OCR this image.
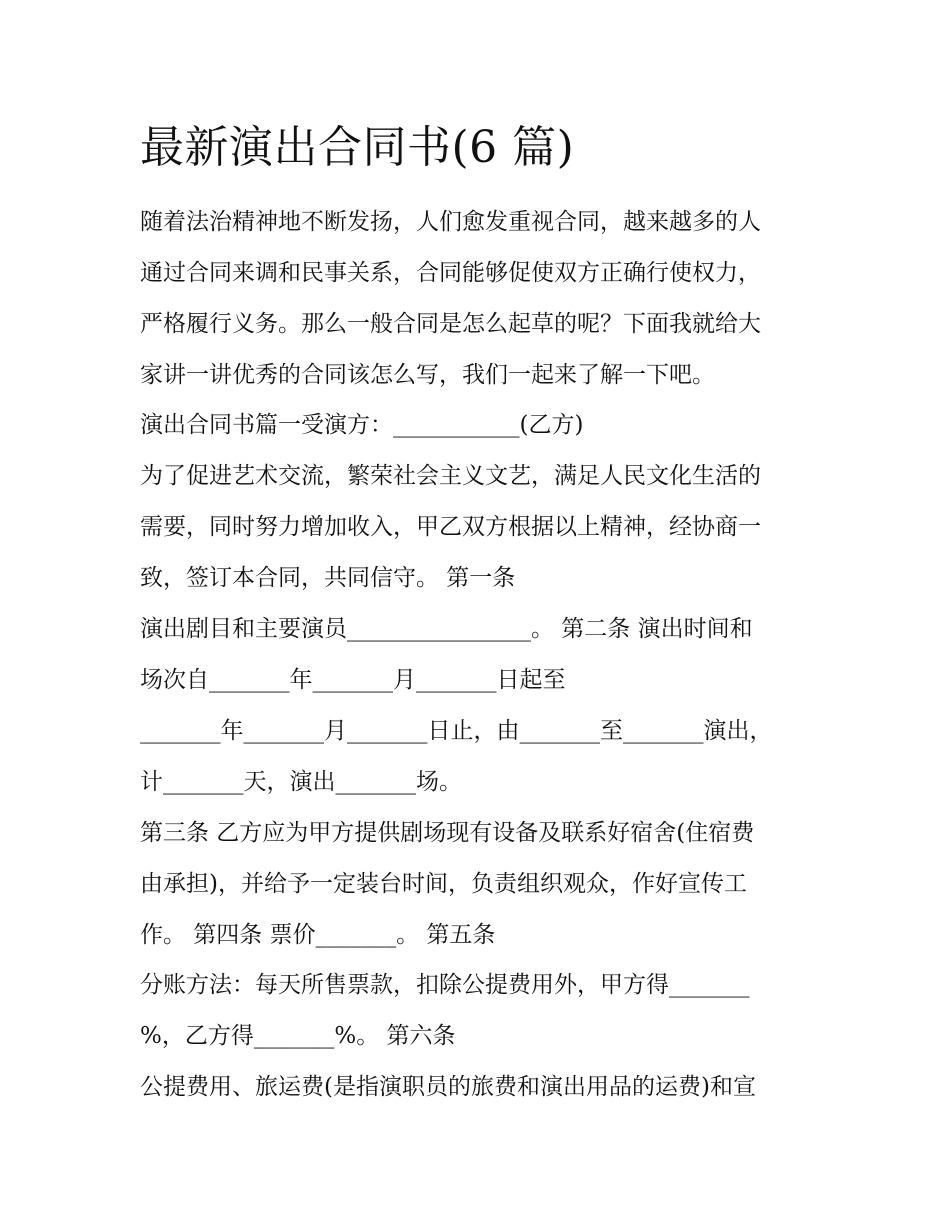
最新演出合同书(6 篇)

随着法治精神地不断发扬，人们愈发重视合同，越来越多的人

通过合同来调和民事关系，合同能够促使双方正确行使权力，

严格履行义务。那么一般合同是怎么起草的呢？下面我就给大

家讲一讲优秀的合同该怎么写，我们一起来了解一下吧。

演出合同书篇一受演方：___________(乙方)

为了促进艺术交流，繁荣社会主义文艺，满足人民文化生活的

需要，同时努力增加收入，甲乙双方根据以上精神，经协商一

致，签订本合同，共同信守。 第一条

演出剧目和主要演员________________。 第二条 演出时间和

场次自_______年_______月_______日起至

_______年_______月_______日止，由_______至_______演出，

计_______天，演出_______场。

第三条 乙方应为甲方提供剧场现有设备及联系好宿舍(住宿费

由承担)，并给予一定装台时间，负责组织观众，作好宣传工

作。 第四条 票价_______。 第五条

分账方法：每天所售票款，扣除公提费用外，甲方得_______

%，乙方得_______%。 第六条

公提费用、旅运费(是指演职员的旅费和演出用品的运费)和宣
